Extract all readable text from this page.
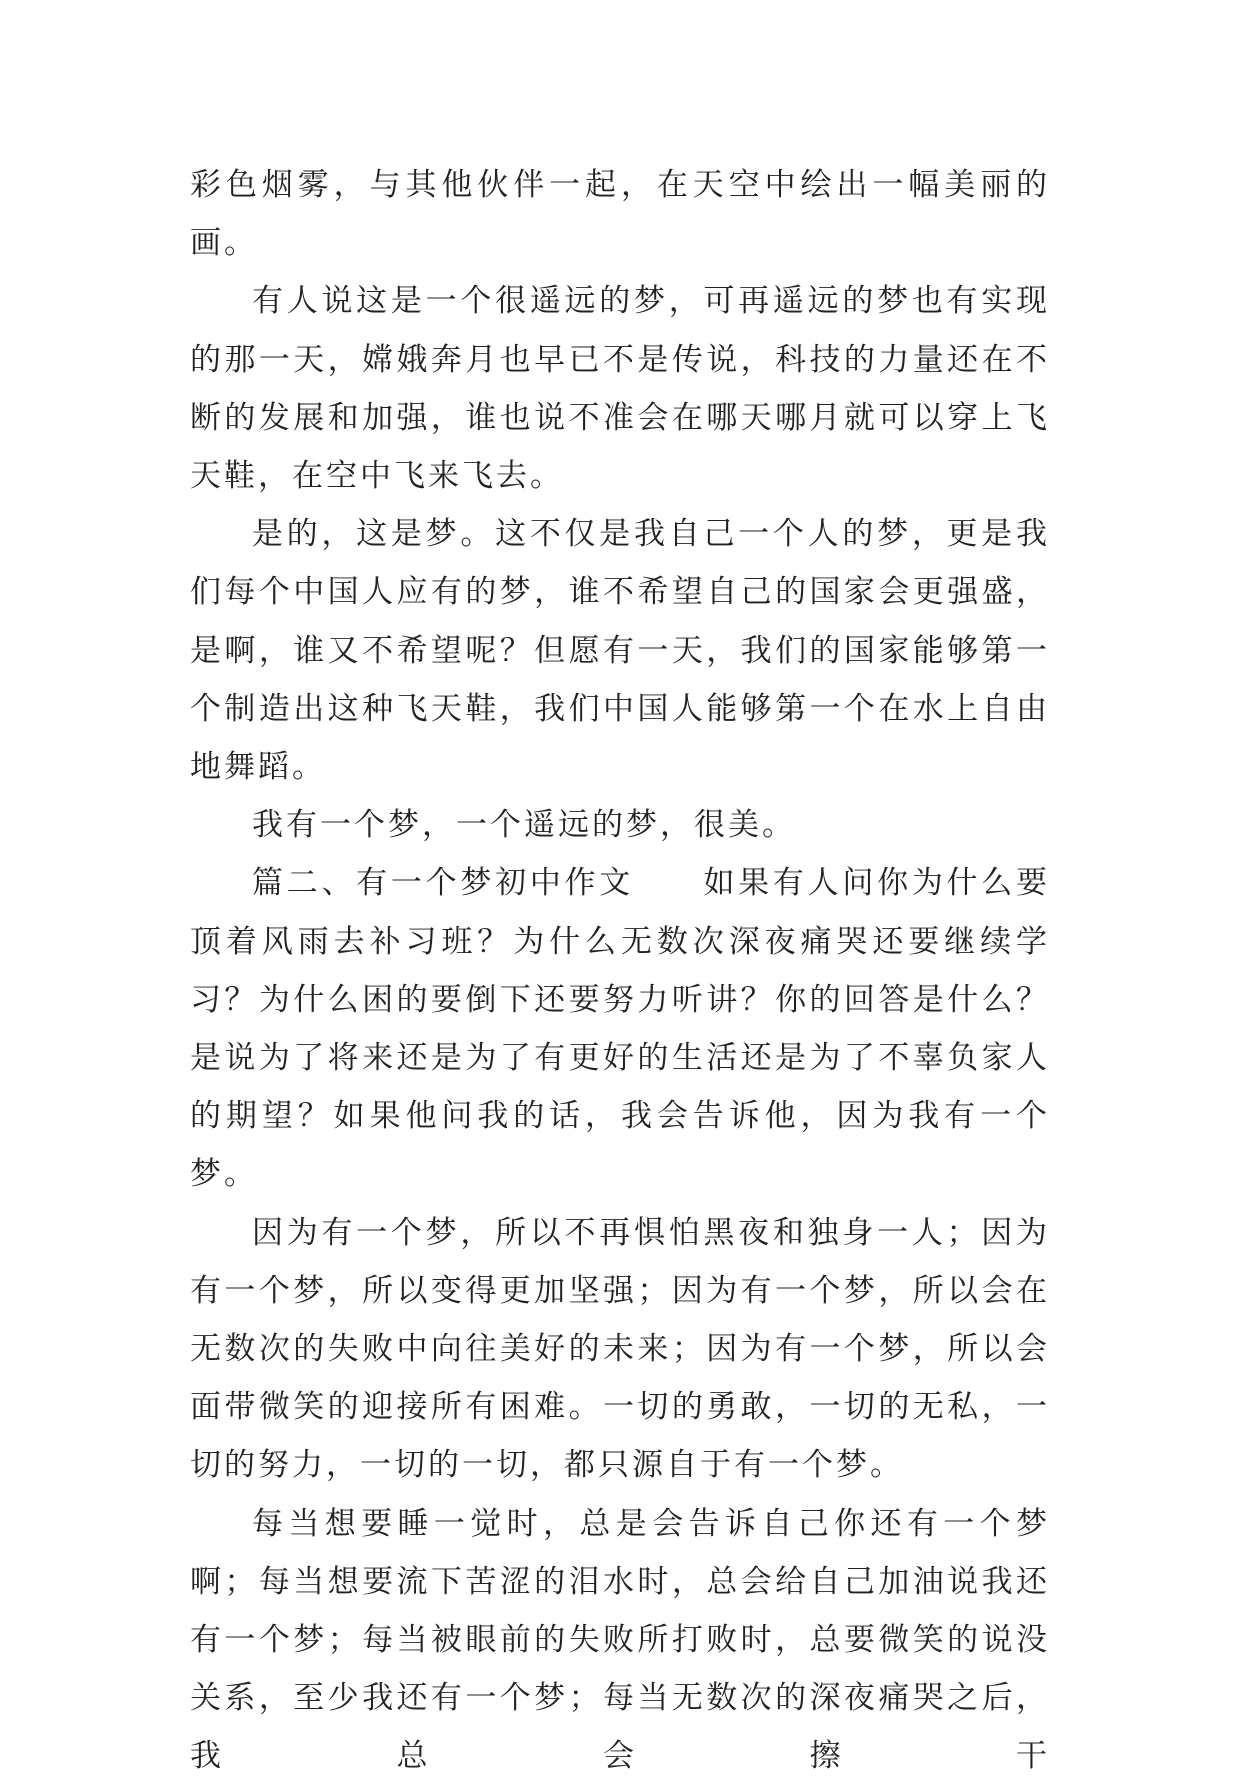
彩色烟雾，与其他伙伴一起，在天空中绘出一幅美丽的画。

有人说这是一个很遥远的梦，可再遥远的梦也有实现的那一天，嫦娥奔月也早已不是传说，科技的力量还在不断的发展和加强，谁也说不准会在哪天哪月就可以穿上飞天鞋，在空中飞来飞去。

是的，这是梦。这不仅是我自己一个人的梦，更是我们每个中国人应有的梦，谁不希望自己的国家会更强盛，是啊，谁又不希望呢？但愿有一天，我们的国家能够第一个制造出这种飞天鞋，我们中国人能够第一个在水上自由地舞蹈。

我有一个梦，一个遥远的梦，很美。

篇二、有一个梦初中作文　　如果有人问你为什么要顶着风雨去补习班？为什么无数次深夜痛哭还要继续学习？为什么困的要倒下还要努力听讲？你的回答是什么？是说为了将来还是为了有更好的生活还是为了不辜负家人的期望？如果他问我的话，我会告诉他，因为我有一个梦。

因为有一个梦，所以不再惧怕黑夜和独身一人；因为有一个梦，所以变得更加坚强；因为有一个梦，所以会在无数次的失败中向往美好的未来；因为有一个梦，所以会面带微笑的迎接所有困难。一切的勇敢，一切的无私，一切的努力，一切的一切，都只源自于有一个梦。

每当想要睡一觉时，总是会告诉自己你还有一个梦啊；每当想要流下苦涩的泪水时，总会给自己加油说我还有一个梦；每当被眼前的失败所打败时，总要微笑的说没关系，至少我还有一个梦；每当无数次的深夜痛哭之后，我总会擦干
